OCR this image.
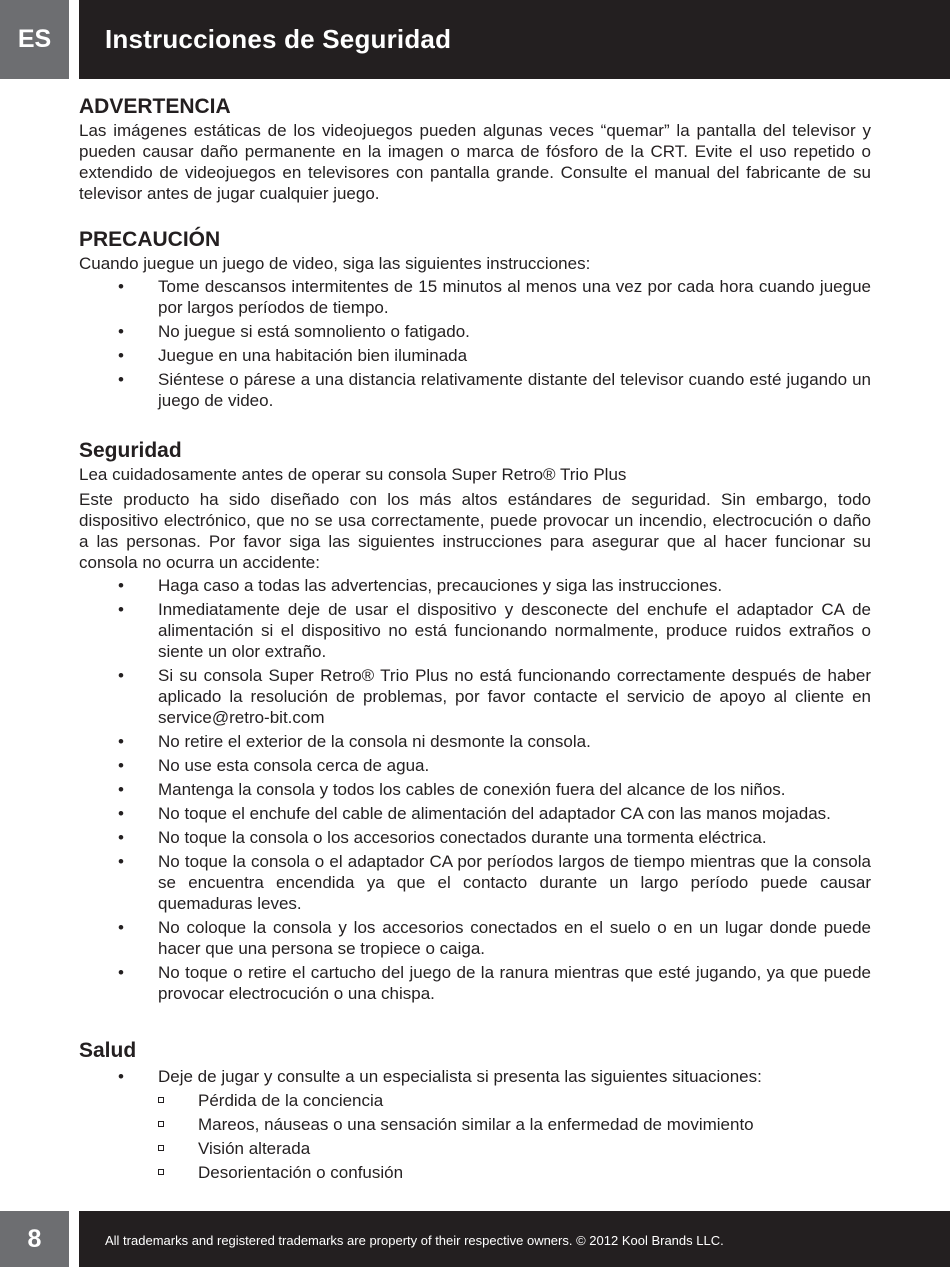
ES	Instrucciones de Seguridad
ADVERTENCIA

Las imágenes estáticas de los videojuegos pueden algunas veces “quemar” la pantalla del televisor y pueden causar daño permanente en la imagen o marca de fósforo de la CRT. Evite el uso repetido o extendido de videojuegos en televisores con pantalla grande. Consulte el manual del fabricante de su televisor antes de jugar cualquier juego.

PRECAUCIÓN

Cuando juegue un juego de video, siga las siguientes instrucciones:

• Tome descansos intermitentes de 15 minutos al menos una vez por cada hora cuando juegue por largos períodos de tiempo.
• No juegue si está somnoliento o fatigado.
• Juegue en una habitación bien iluminada
• Siéntese o párese a una distancia relativamente distante del televisor cuando esté jugando un juego de video.
Seguridad

Lea cuidadosamente antes de operar su consola Super Retro® Trio Plus

Este producto ha sido diseñado con los más altos estándares de seguridad. Sin embargo, todo dispositivo electrónico, que no se usa correctamente, puede provocar un incendio, electrocución o daño a las personas. Por favor siga las siguientes instrucciones para asegurar que al hacer funcionar su consola no ocurra un accidente:

• Haga caso a todas las advertencias, precauciones y siga las instrucciones.
• Inmediatamente deje de usar el dispositivo y desconecte del enchufe el adaptador CA de alimentación si el dispositivo no está funcionando normalmente, produce ruidos extraños o siente un olor extraño.
• Si su consola Super Retro® Trio Plus no está funcionando correctamente después de haber aplicado la resolución de problemas, por favor contacte el servicio de apoyo al cliente en service@retro-bit.com
• No retire el exterior de la consola ni desmonte la consola.
• No use esta consola cerca de agua.
• Mantenga la consola y todos los cables de conexión fuera del alcance de los niños.
• No toque el enchufe del cable de alimentación del adaptador CA con las manos mojadas.
• No toque la consola o los accesorios conectados durante una tormenta eléctrica.
• No toque la consola o el adaptador CA por períodos largos de tiempo mientras que la consola se encuentra encendida ya que el contacto durante un largo período puede causar quemaduras leves.
• No coloque la consola y los accesorios conectados en el suelo o en un lugar donde puede hacer que una persona se tropiece o caiga.
• No toque o retire el cartucho del juego de la ranura mientras que esté jugando, ya que puede provocar electrocución o una chispa.
Salud
• Deje de jugar y consulte a un especialista si presenta las siguientes situaciones:
Pérdida de la conciencia
Mareos, náuseas o una sensación similar a la enfermedad de movimiento
Visión alterada
Desorientación o confusión
8	All trademarks and registered trademarks are property of their respective owners. © 2012 Kool Brands LLC.
